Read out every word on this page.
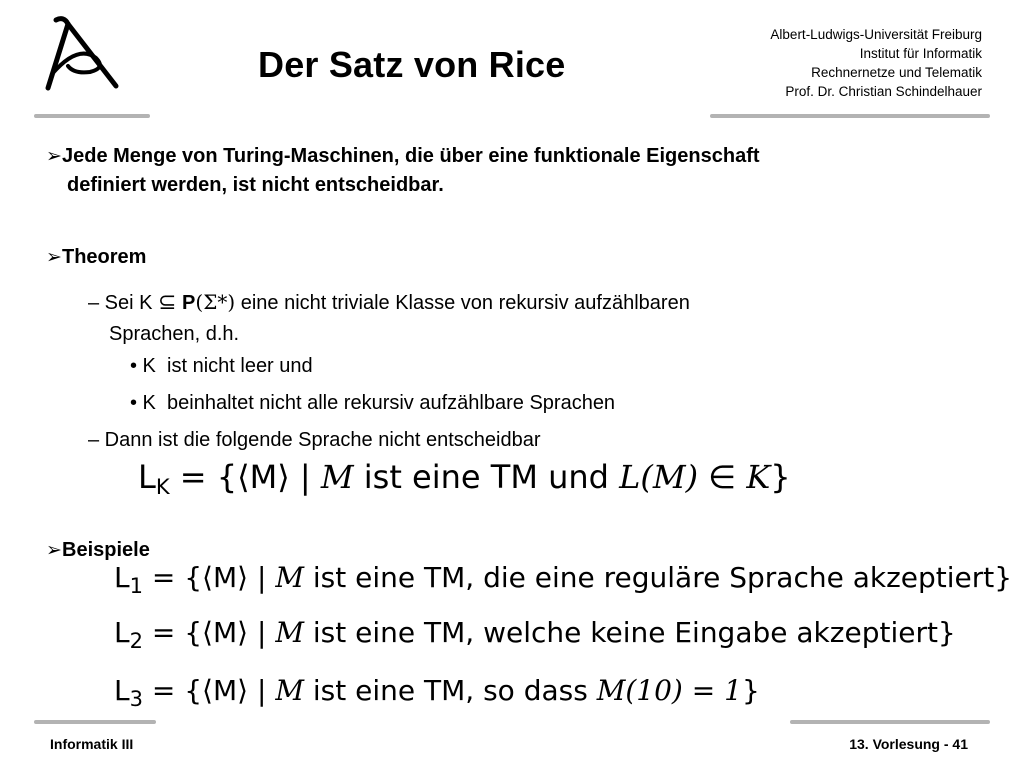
Der Satz von Rice
Albert-Ludwigs-Universität Freiburg
Institut für Informatik
Rechnernetze und Telematik
Prof. Dr. Christian Schindelhauer
➢Jede Menge von Turing-Maschinen, die über eine funktionale Eigenschaft
definiert werden, ist nicht entscheidbar.
➢Theorem
– Sei K ⊆ P(Σ*) eine nicht triviale Klasse von rekursiv aufzählbaren
Sprachen, d.h.
• K  ist nicht leer und
• K  beinhaltet nicht alle rekursiv aufzählbare Sprachen
– Dann ist die folgende Sprache nicht entscheidbar
$L_K$ = {⟨M⟩ | M ist eine TM und L(M) ∈ K}
➢Beispiele
$L_1$ = {⟨M⟩ | M ist eine TM, die eine reguläre Sprache akzeptiert}
$L_2$ = {⟨M⟩ | M ist eine TM, welche keine Eingabe akzeptiert}
$L_3$ = {⟨M⟩ | M ist eine TM, so dass M(10) = 1}
Informatik III	13. Vorlesung - 41
